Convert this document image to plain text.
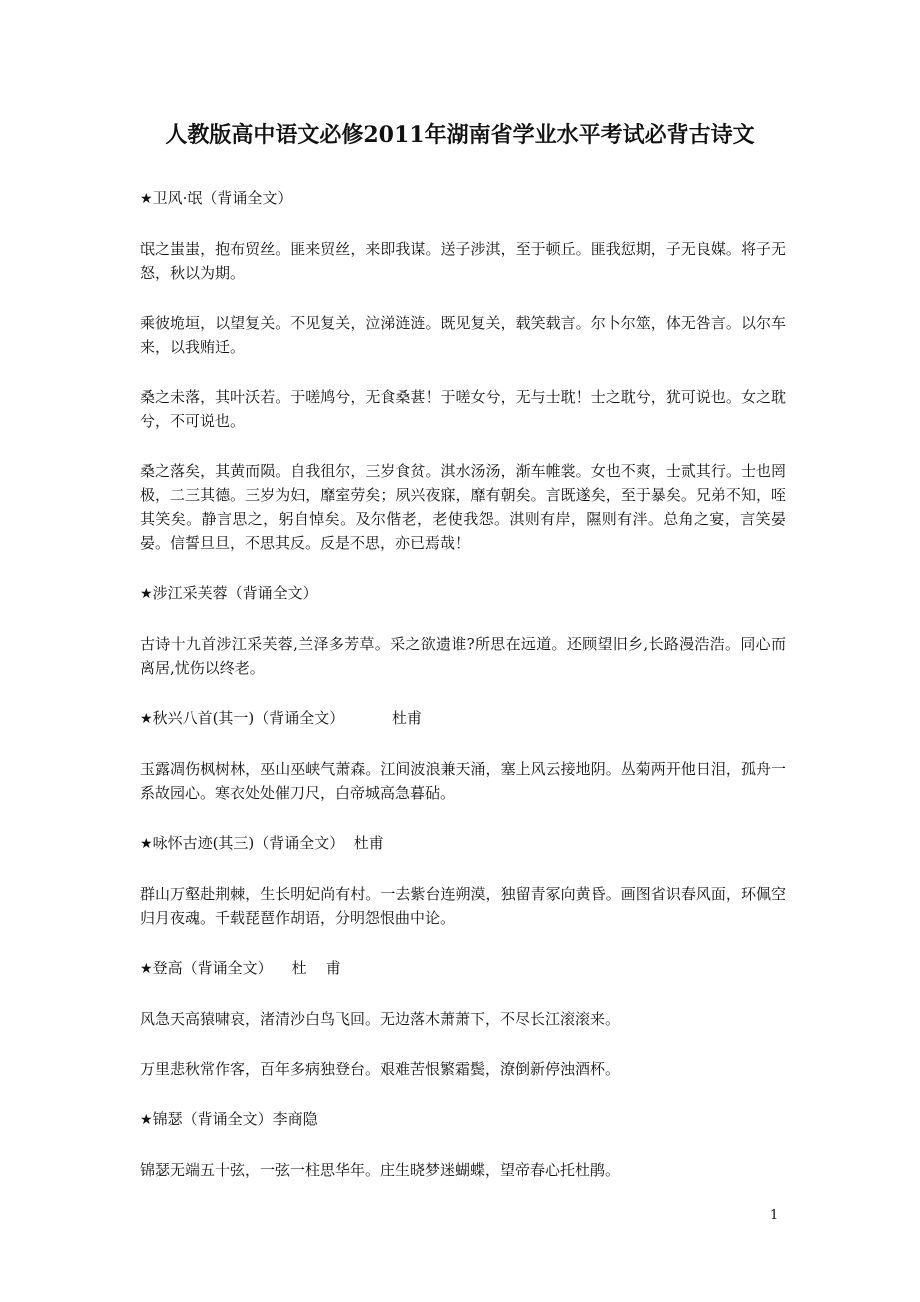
人教版高中语文必修2011年湖南省学业水平考试必背古诗文
★卫风·氓（背诵全文）
氓之蚩蚩，抱布贸丝。匪来贸丝，来即我谋。送子涉淇，至于顿丘。匪我愆期，子无良媒。将子无怒，秋以为期。
乘彼垝垣，以望复关。不见复关，泣涕涟涟。既见复关，载笑载言。尔卜尔筮，体无咎言。以尔车来，以我贿迁。
桑之未落，其叶沃若。于嗟鸠兮，无食桑葚！于嗟女兮，无与士耽！士之耽兮，犹可说也。女之耽兮，不可说也。
桑之落矣，其黄而陨。自我徂尔，三岁食贫。淇水汤汤，渐车帷裳。女也不爽，士贰其行。士也罔极，二三其德。三岁为妇，靡室劳矣；夙兴夜寐，靡有朝矣。言既遂矣，至于暴矣。兄弟不知，咥其笑矣。静言思之，躬自悼矣。及尔偕老，老使我怨。淇则有岸，隰则有泮。总角之宴，言笑晏晏。信誓旦旦，不思其反。反是不思，亦已焉哉！
★涉江采芙蓉（背诵全文）
古诗十九首涉江采芙蓉,兰泽多芳草。采之欲遗谁?所思在远道。还顾望旧乡,长路漫浩浩。同心而离居,忧伤以终老。
★秋兴八首(其一)（背诵全文）          杜甫
玉露凋伤枫树林，巫山巫峡气萧森。江间波浪兼天涌，塞上风云接地阴。丛菊两开他日泪，孤舟一系故园心。寒衣处处催刀尺，白帝城高急暮砧。
★咏怀古迹(其三)（背诵全文）  杜甫
群山万壑赴荆棘，生长明妃尚有村。一去紫台连朔漠，独留青冢向黄昏。画图省识春风面，环佩空归月夜魂。千载琵琶作胡语，分明怨恨曲中论。
★登高（背诵全文）    杜    甫
风急天高猿啸哀，渚清沙白鸟飞回。无边落木萧萧下，不尽长江滚滚来。
万里悲秋常作客，百年多病独登台。艰难苦恨繁霜鬓，潦倒新停浊酒杯。
★锦瑟（背诵全文）李商隐
锦瑟无端五十弦，一弦一柱思华年。庄生晓梦迷蝴蝶，望帝春心托杜鹃。
1
